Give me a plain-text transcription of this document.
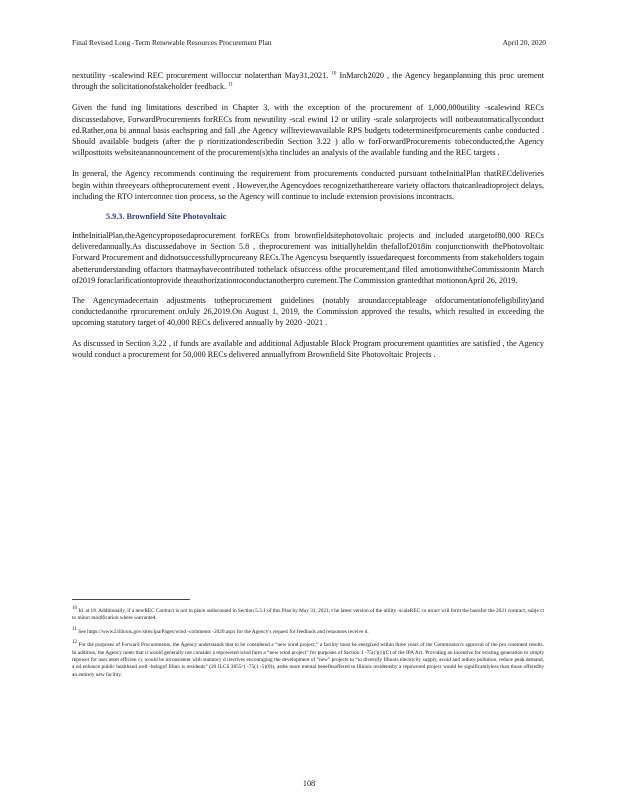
Final Revised Long -Term Renewable Resources Procurement Plan	April 20, 2020

nextutility -scalewind REC procurement willoccur nolaterthan May31,2021. $^{10}$ InMarch2020 , the Agency beganplanning this proc urement through the solicitationofstakeholder feedback. $^{11}$

Given the fund ing limitations described in Chapter 3, with the exception of the procurement of 1,000,000utility -scalewind RECs discussedabove, ForwardProcurements forRECs from newutility -scal ewind 12 or utility -scale solarprojects will notbeautomaticallyconduct ed.Rather,ona bi annual basis eachspring and fall ,the Agency willreviewavailable RPS budgets todetermineifprocurements canbe conducted . Should available budgets (after the p rioritizationdescribedin Section 3.22 ) allo w forForwardProcurements tobeconducted,the Agency willposttoits websiteanannouncement of the procurement(s)tha tincludes an analysis of the available funding and the REC targets .

In general, the Agency recommends continuing the requirement from procurements conducted pursuant totheInitialPlan thatRECdeliveries begin within threeyears oftheprocurement event . However,the Agencydoes recognizethatthereare variety offactors thatcanleadtoproject delays, including the RTO interconnec tion process, so the Agency will continue to include extension provisions incontracts.

5.9.3. Brownfield Site Photovoltaic

IntheInitialPlan,theAgencyproposedaprocurement forRECs from brownfieldsitephotovoltaic projects and included atargetof80,000 RECs deliveredannually.As discussedabove in Section 5.8 , theprocurement was initiallyheldin thefallof2018in conjunctionwith thePhotovoltaic Forward Procurement and didnotsuccessfullyprocureany RECs.The Agencysu bsequently issuedarequest forcomments from stakeholders togain abetterunderstanding offactors thatmayhavecontributed tothelack ofsuccess ofthe procurement,and filed amotionwiththeCommissionin March of2019 foraclarificationtoprovide theauthorizationtoconductanotherpro curement.The Commission grantedthat motiononApril 26, 2019.

The Agencymadecertain adjustments totheprocurement guidelines (notably aroundacceptableage ofdocumentationofeligibility)and conductedanothe rprocurement onJuly 26,2019.On August 1, 2019, the Commission approved the results, which resulted in exceeding the upcoming statutory target of 40,000 RECs delivered annually by 2020 -2021 .

As discussed in Section 3.22 , if funds are available and additional Adjustable Block Program procurement quantities are satisfied , the Agency would conduct a procurement for 50,000 RECs delivered annuallyfrom Brownfield Site Photovoltaic Projects .

$^{10}$ Id. at 18. Additionally, if a newREC Contract is not in place asdiscussed in Section 5.3.1 of this Plan by May 31, 2021, t he latest version of the utility -scaleREC co ntract will form the basisfor the 2021 contract, subje ct to minor modification where warranted.

$^{11}$ See https://www2.illinois.gov/sites/ipa/Pages/wind -comments -2020.aspx for the Agency's request for feedback and responses receive d.

$^{12}$ For the purposes of Forward Procurements, the Agency understands that to be considered a “new wind project,” a facility must be energized within three years of the Commission's approval of the pro curement results. In addition, the Agency notes that it would generally not consider a repowered wind farm a “new wind project” for purposes of Section 1 -75(c)(1)(C) of the IPA Act. Providing an incentive for existing generation to simply repower for user asset efficien cy would be inconsistent with statutory d irectives encouraging the development of “new” projects to “to diversify Illinois electricity supply, avoid and reduce pollution, reduce peak demand, a nd enhance public healthand well -beingof Illino is residents” (20 ILCS 3855/1 -75(1 -5)(8)), asthe more mental benefitsoffered to Illinois residentsby a repowered project would be significantlyless than those offeredby an entirely new facility.

108
